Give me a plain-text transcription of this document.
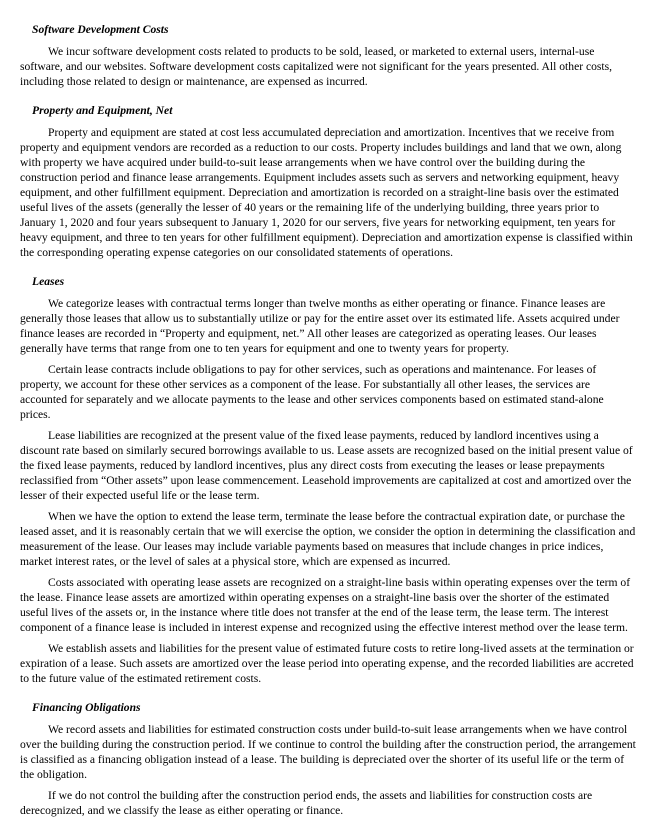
Software Development Costs

We incur software development costs related to products to be sold, leased, or marketed to external users, internal-use software, and our websites. Software development costs capitalized were not significant for the years presented. All other costs, including those related to design or maintenance, are expensed as incurred.

Property and Equipment, Net

Property and equipment are stated at cost less accumulated depreciation and amortization. Incentives that we receive from property and equipment vendors are recorded as a reduction to our costs. Property includes buildings and land that we own, along with property we have acquired under build-to-suit lease arrangements when we have control over the building during the construction period and finance lease arrangements. Equipment includes assets such as servers and networking equipment, heavy equipment, and other fulfillment equipment. Depreciation and amortization is recorded on a straight-line basis over the estimated useful lives of the assets (generally the lesser of 40 years or the remaining life of the underlying building, three years prior to January 1, 2020 and four years subsequent to January 1, 2020 for our servers, five years for networking equipment, ten years for heavy equipment, and three to ten years for other fulfillment equipment). Depreciation and amortization expense is classified within the corresponding operating expense categories on our consolidated statements of operations.

Leases

We categorize leases with contractual terms longer than twelve months as either operating or finance. Finance leases are generally those leases that allow us to substantially utilize or pay for the entire asset over its estimated life. Assets acquired under finance leases are recorded in “Property and equipment, net.” All other leases are categorized as operating leases. Our leases generally have terms that range from one to ten years for equipment and one to twenty years for property.

Certain lease contracts include obligations to pay for other services, such as operations and maintenance. For leases of property, we account for these other services as a component of the lease. For substantially all other leases, the services are accounted for separately and we allocate payments to the lease and other services components based on estimated stand-alone prices.

Lease liabilities are recognized at the present value of the fixed lease payments, reduced by landlord incentives using a discount rate based on similarly secured borrowings available to us. Lease assets are recognized based on the initial present value of the fixed lease payments, reduced by landlord incentives, plus any direct costs from executing the leases or lease prepayments reclassified from “Other assets” upon lease commencement. Leasehold improvements are capitalized at cost and amortized over the lesser of their expected useful life or the lease term.

When we have the option to extend the lease term, terminate the lease before the contractual expiration date, or purchase the leased asset, and it is reasonably certain that we will exercise the option, we consider the option in determining the classification and measurement of the lease. Our leases may include variable payments based on measures that include changes in price indices, market interest rates, or the level of sales at a physical store, which are expensed as incurred.

Costs associated with operating lease assets are recognized on a straight-line basis within operating expenses over the term of the lease. Finance lease assets are amortized within operating expenses on a straight-line basis over the shorter of the estimated useful lives of the assets or, in the instance where title does not transfer at the end of the lease term, the lease term. The interest component of a finance lease is included in interest expense and recognized using the effective interest method over the lease term.

We establish assets and liabilities for the present value of estimated future costs to retire long-lived assets at the termination or expiration of a lease. Such assets are amortized over the lease period into operating expense, and the recorded liabilities are accreted to the future value of the estimated retirement costs.

Financing Obligations

We record assets and liabilities for estimated construction costs under build-to-suit lease arrangements when we have control over the building during the construction period. If we continue to control the building after the construction period, the arrangement is classified as a financing obligation instead of a lease. The building is depreciated over the shorter of its useful life or the term of the obligation.

If we do not control the building after the construction period ends, the assets and liabilities for construction costs are derecognized, and we classify the lease as either operating or finance.
